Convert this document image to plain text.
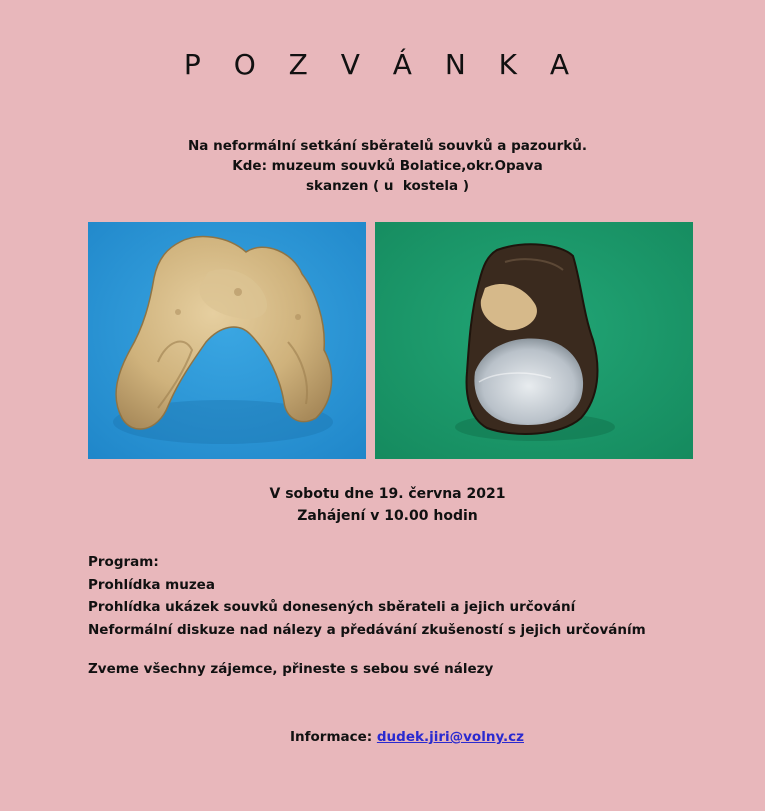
P O Z V Á N K A
Na neformální setkání sběratelů souvků a pazourků.
Kde: muzeum souvků Bolatice,okr.Opava
skanzen ( u  kostela )
V sobotu dne 19. června 2021
Zahájení v 10.00 hodin
Program:
Prohlídka muzea
Prohlídka ukázek souvků donesených sběrateli a jejich určování
Neformální diskuze nad nálezy a předávání zkušeností s jejich určováním
Zveme všechny zájemce, přineste s sebou své nálezy
Informace: dudek.jiri@volny.cz
